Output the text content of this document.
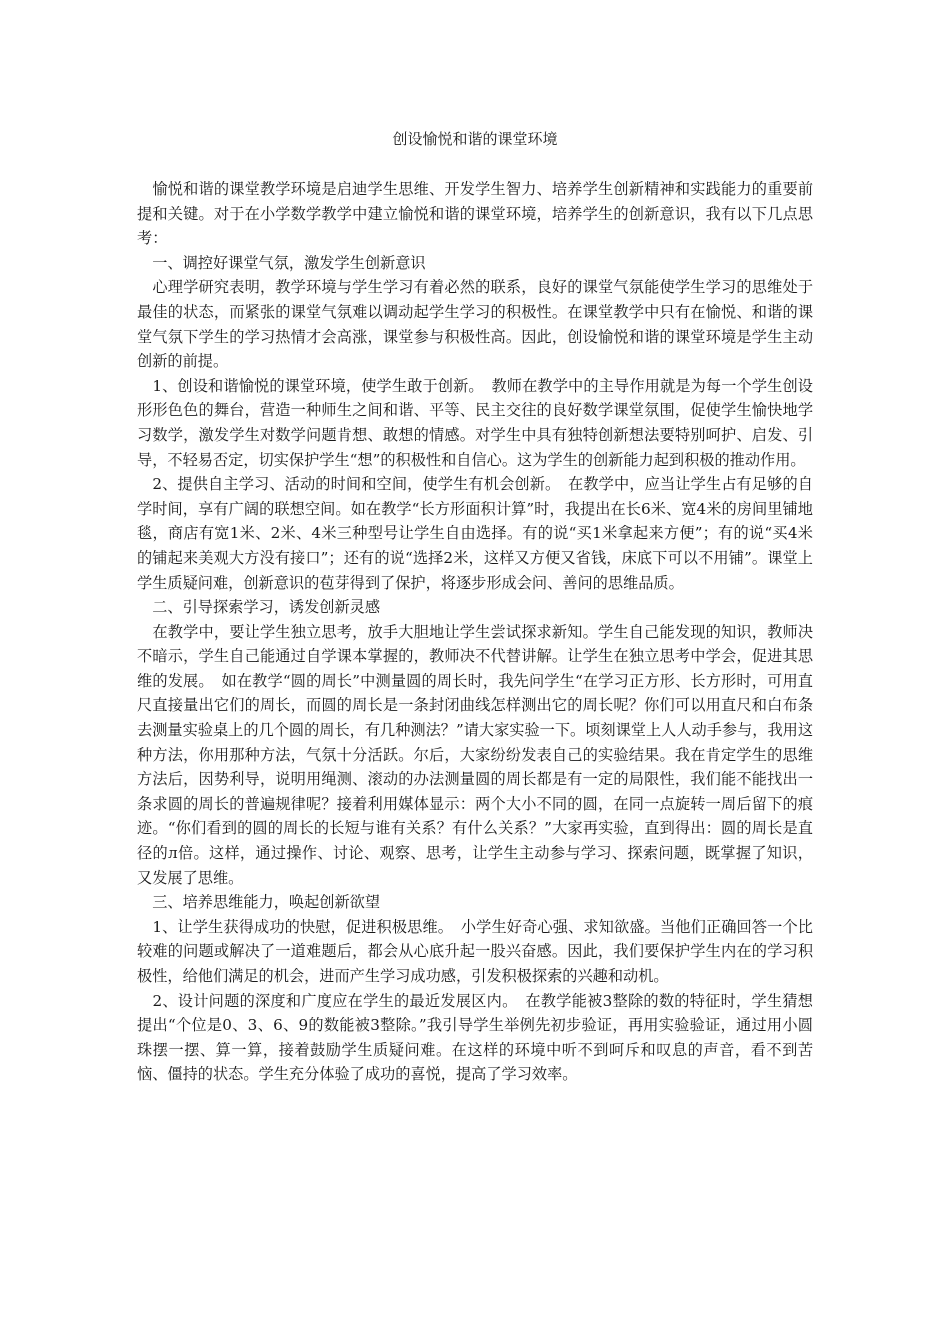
创设愉悦和谐的课堂环境

　愉悦和谐的课堂教学环境是启迪学生思维、开发学生智力、培养学生创新精神和实践能力的重要前提和关键。对于在小学数学教学中建立愉悦和谐的课堂环境，培养学生的创新意识，我有以下几点思考：

　一、调控好课堂气氛，激发学生创新意识

　心理学研究表明，教学环境与学生学习有着必然的联系，良好的课堂气氛能使学生学习的思维处于最佳的状态，而紧张的课堂气氛难以调动起学生学习的积极性。在课堂教学中只有在愉悦、和谐的课堂气氛下学生的学习热情才会高涨，课堂参与积极性高。因此，创设愉悦和谐的课堂环境是学生主动创新的前提。

　1、创设和谐愉悦的课堂环境，使学生敢于创新。　教师在教学中的主导作用就是为每一个学生创设形形色色的舞台，营造一种师生之间和谐、平等、民主交往的良好数学课堂氛围，促使学生愉快地学习数学，激发学生对数学问题肯想、敢想的情感。对学生中具有独特创新想法要特别呵护、启发、引导，不轻易否定，切实保护学生“想”的积极性和自信心。这为学生的创新能力起到积极的推动作用。

　2、提供自主学习、活动的时间和空间，使学生有机会创新。　在教学中，应当让学生占有足够的自学时间，享有广阔的联想空间。如在教学“长方形面积计算”时，我提出在长6米、宽4米的房间里铺地毯，商店有宽1米、2米、4米三种型号让学生自由选择。有的说“买1米拿起来方便”；有的说“买4米的铺起来美观大方没有接口”；还有的说“选择2米，这样又方便又省钱，床底下可以不用铺”。课堂上学生质疑问难，创新意识的苞芽得到了保护，将逐步形成会问、善问的思维品质。

　二、引导探索学习，诱发创新灵感

　在教学中，要让学生独立思考，放手大胆地让学生尝试探求新知。学生自己能发现的知识，教师决不暗示，学生自己能通过自学课本掌握的，教师决不代替讲解。让学生在独立思考中学会，促进其思维的发展。　如在教学“圆的周长”中测量圆的周长时，我先问学生“在学习正方形、长方形时，可用直尺直接量出它们的周长，而圆的周长是一条封闭曲线怎样测出它的周长呢？你们可以用直尺和白布条去测量实验桌上的几个圆的周长，有几种测法？”请大家实验一下。顷刻课堂上人人动手参与，我用这种方法，你用那种方法，气氛十分活跃。尔后，大家纷纷发表自己的实验结果。我在肯定学生的思维方法后，因势利导，说明用绳测、滚动的办法测量圆的周长都是有一定的局限性，我们能不能找出一条求圆的周长的普遍规律呢？接着利用媒体显示：两个大小不同的圆，在同一点旋转一周后留下的痕迹。“你们看到的圆的周长的长短与谁有关系？有什么关系？”大家再实验，直到得出：圆的周长是直径的л倍。这样，通过操作、讨论、观察、思考，让学生主动参与学习、探索问题，既掌握了知识，又发展了思维。

　三、培养思维能力，唤起创新欲望

　1、让学生获得成功的快慰，促进积极思维。　小学生好奇心强、求知欲盛。当他们正确回答一个比较难的问题或解决了一道难题后，都会从心底升起一股兴奋感。因此，我们要保护学生内在的学习积极性，给他们满足的机会，进而产生学习成功感，引发积极探索的兴趣和动机。

　2、设计问题的深度和广度应在学生的最近发展区内。　在教学能被3整除的数的特征时，学生猜想提出“个位是0、3、6、9的数能被3整除。”我引导学生举例先初步验证，再用实验验证，通过用小圆珠摆一摆、算一算，接着鼓励学生质疑问难。在这样的环境中听不到呵斥和叹息的声音，看不到苦恼、僵持的状态。学生充分体验了成功的喜悦，提高了学习效率。
